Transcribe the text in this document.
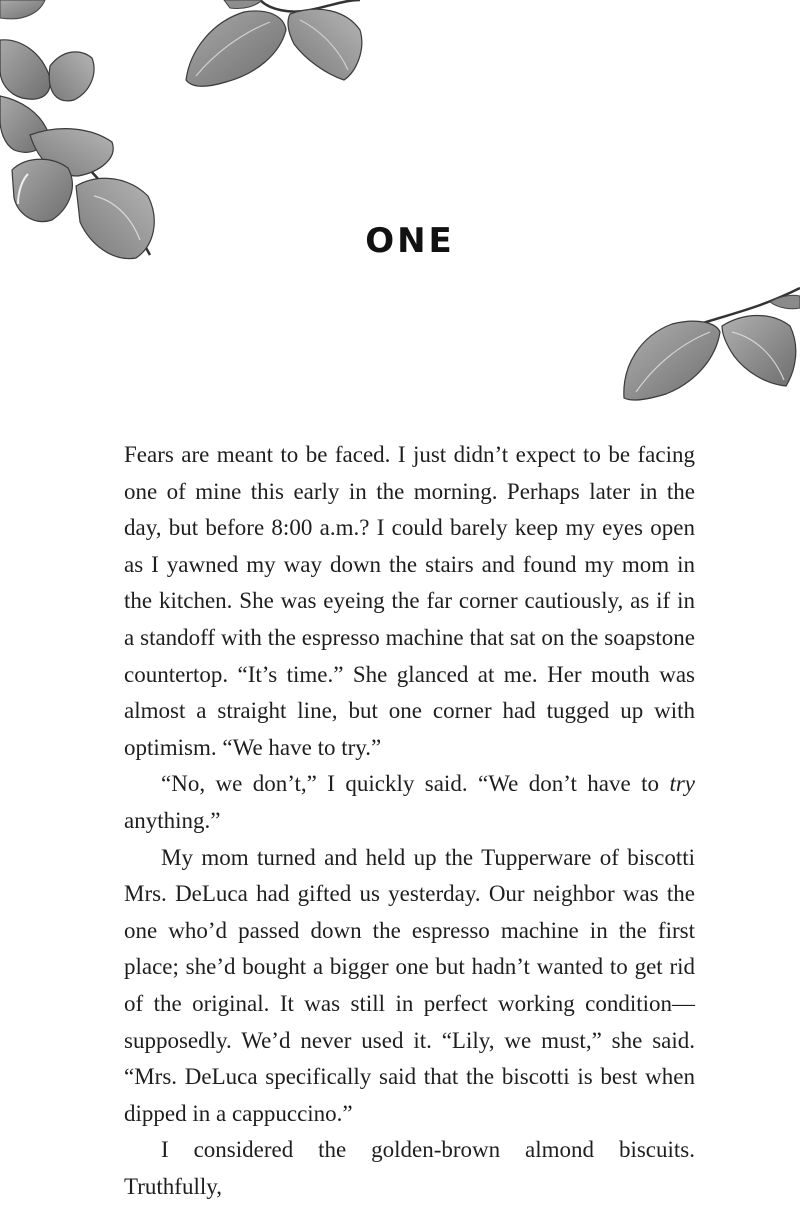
ONE

Fears are meant to be faced. I just didn’t expect to be facing one of mine this early in the morning. Perhaps later in the day, but before 8:00 a.m.? I could barely keep my eyes open as I yawned my way down the stairs and found my mom in the kitchen. She was eyeing the far corner cautiously, as if in a standoff with the espresso machine that sat on the soapstone countertop. “It’s time.” She glanced at me. Her mouth was almost a straight line, but one corner had tugged up with optimism. “We have to try.”

“No, we don’t,” I quickly said. “We don’t have to try anything.”

My mom turned and held up the Tupperware of biscotti Mrs. DeLuca had gifted us yesterday. Our neighbor was the one who’d passed down the espresso machine in the first place; she’d bought a bigger one but hadn’t wanted to get rid of the original. It was still in perfect working condition—supposedly. We’d never used it. “Lily, we must,” she said. “Mrs. DeLuca specifically said that the biscotti is best when dipped in a cappuccino.”

I considered the golden-brown almond biscuits. Truthfully,
